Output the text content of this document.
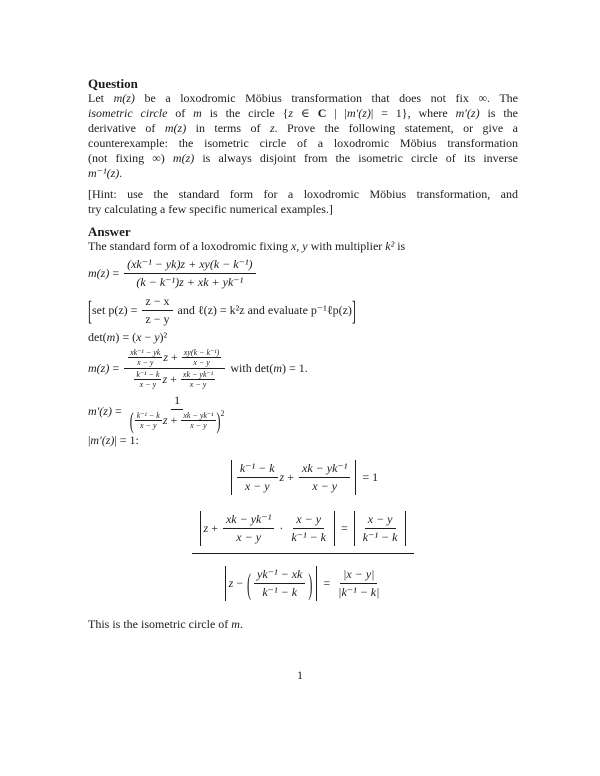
Question
Let m(z) be a loxodromic Möbius transformation that does not fix ∞. The
isometric circle of m is the circle {z ∈ C | |m′(z)| = 1}, where m′(z) is the
derivative of m(z) in terms of z. Prove the following statement, or give a
counterexample: the isometric circle of a loxodromic Möbius transformation
(not fixing ∞) m(z) is always disjoint from the isometric circle of its inverse
m⁻¹(z).
[Hint: use the standard form for a loxodromic Möbius transformation, and
try calculating a few specific numerical examples.]
Answer
The standard form of a loxodromic fixing x, y with multiplier k² is
$m(z) = \frac{\text{(xk⁻¹ − yk)z + xy(k − k⁻¹)}}{\text{(k − k⁻¹)z + xk + yk⁻¹}}$
[ set $p(z) = \frac{z - x}{z - y}$ and ℓ(z) = k²z and evaluate p⁻¹ℓp(z) ]
det(m) = (x − y)²
$m(z) = \frac{\frac{\text{xk⁻¹ − yk}}{x - y} z + \frac{\text{xy(k − k⁻¹)}}{x - y}}{\frac{\text{k⁻¹ − k}}{x - y} z + \frac{\text{xk − yk⁻¹}}{x - y}}$ with det( m ) = 1.
$m'(z) = \frac{1}{( \frac{\text{k⁻¹ − k}}{x - y} z + \frac{\text{xk − yk⁻¹}}{x - y} )^2}$
|m′(z)| = 1:
$\frac{\text{k⁻¹ − k}}{x - y}$ $z + \frac{\text{xk − yk⁻¹}}{x - y} = 1$
$z + \frac{\text{xk − yk⁻¹}}{x - y} \cdot \frac{x - y}{\text{k⁻¹ − k}} = \frac{x - y}{\text{k⁻¹ − k}}$
z − ( $\frac{\text{yk⁻¹ − xk}}{\text{k⁻¹ − k}}$ ) = $\frac{|x - y|}{\text{|k⁻¹ − k|}}$
This is the isometric circle of m.
1
